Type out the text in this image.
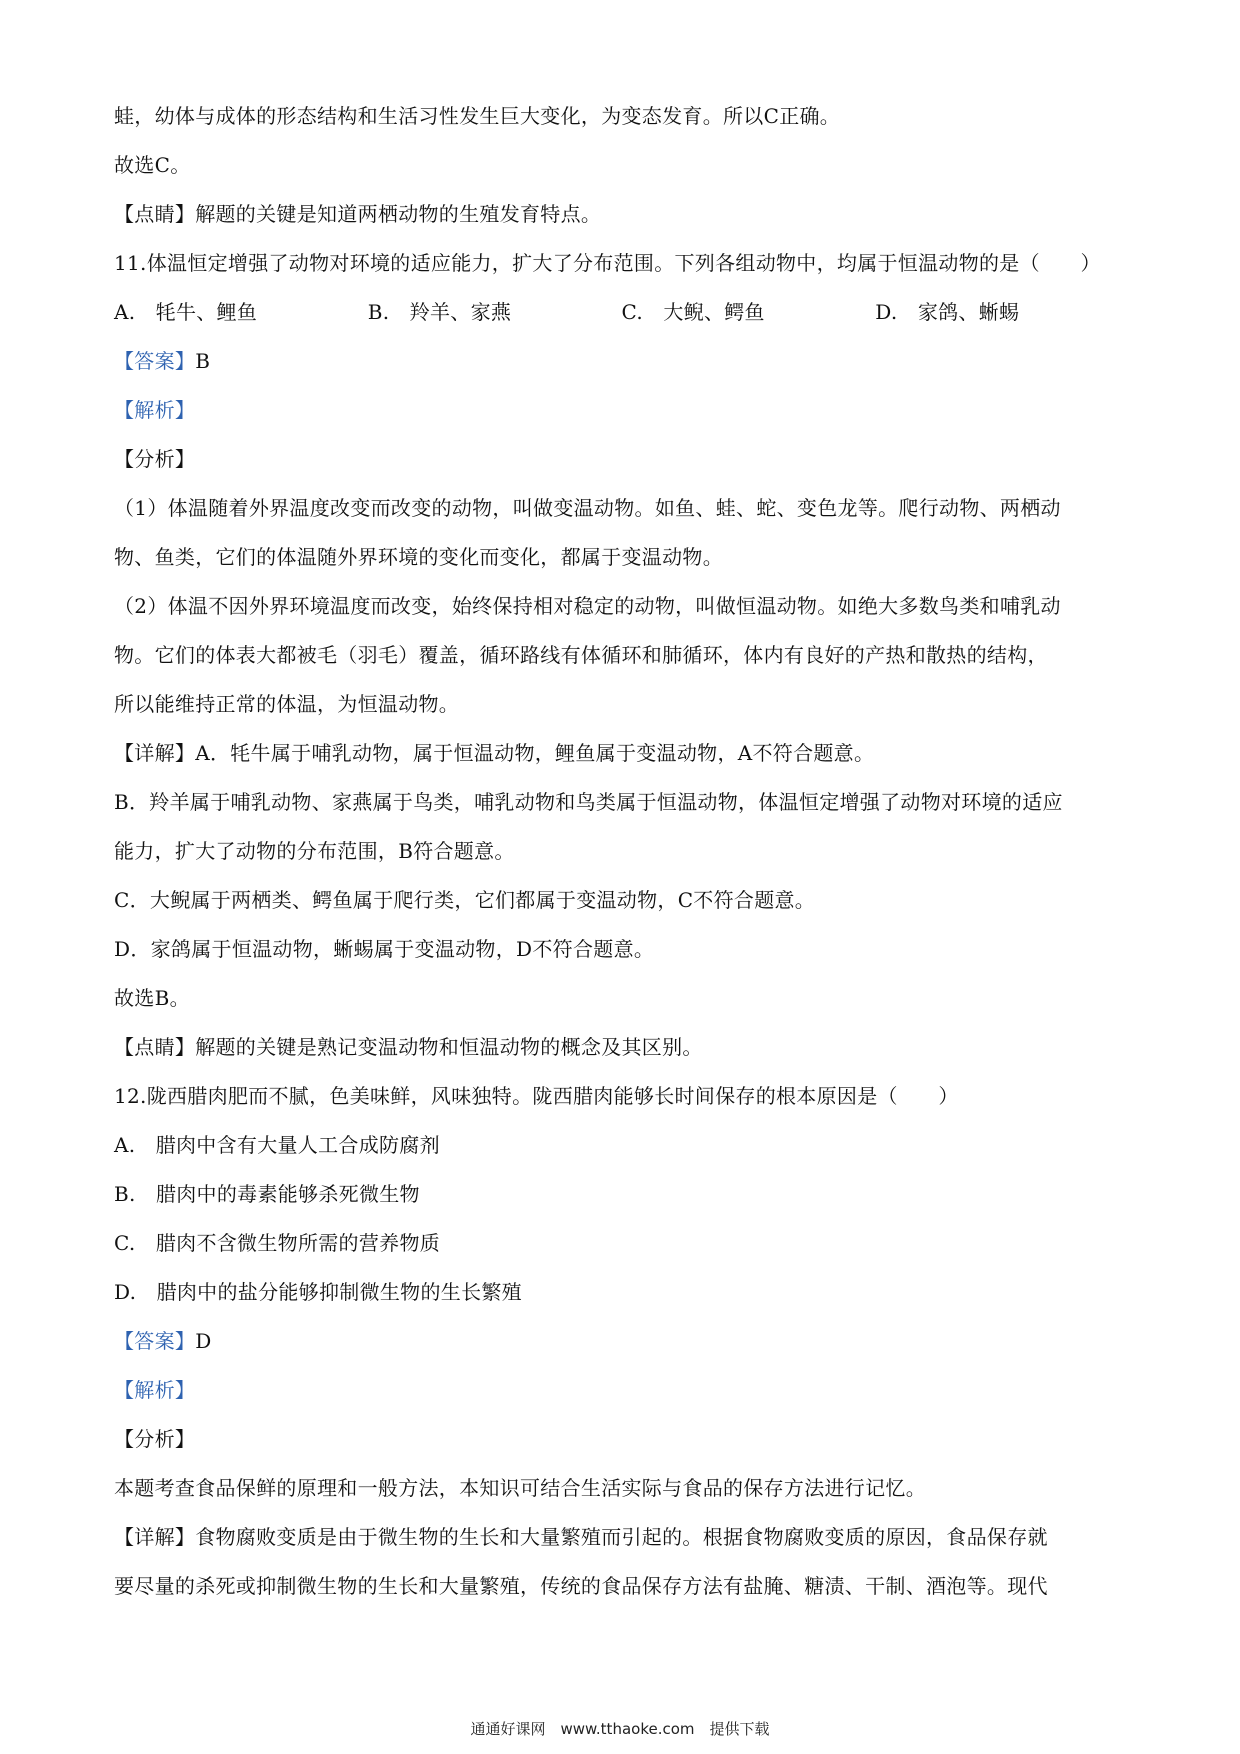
蛙，幼体与成体的形态结构和生活习性发生巨大变化，为变态发育。所以C正确。
故选C。
【点睛】解题的关键是知道两栖动物的生殖发育特点。
11.体温恒定增强了动物对环境的适应能力，扩大了分布范围。下列各组动物中，均属于恒温动物的是（　　）
A.　牦牛、鲤鱼	B.　羚羊、家燕	C.　大鲵、鳄鱼	D.　家鸽、蜥蜴
【答案】B
【解析】
【分析】
（1）体温随着外界温度改变而改变的动物，叫做变温动物。如鱼、蛙、蛇、变色龙等。爬行动物、两栖动
物、鱼类，它们的体温随外界环境的变化而变化，都属于变温动物。
（2）体温不因外界环境温度而改变，始终保持相对稳定的动物，叫做恒温动物。如绝大多数鸟类和哺乳动
物。它们的体表大都被毛（羽毛）覆盖，循环路线有体循环和肺循环，体内有良好的产热和散热的结构，
所以能维持正常的体温，为恒温动物。
【详解】A．牦牛属于哺乳动物，属于恒温动物，鲤鱼属于变温动物，A不符合题意。
B．羚羊属于哺乳动物、家燕属于鸟类，哺乳动物和鸟类属于恒温动物，体温恒定增强了动物对环境的适应
能力，扩大了动物的分布范围，B符合题意。
C．大鲵属于两栖类、鳄鱼属于爬行类，它们都属于变温动物，C不符合题意。
D．家鸽属于恒温动物，蜥蜴属于变温动物，D不符合题意。
故选B。
【点睛】解题的关键是熟记变温动物和恒温动物的概念及其区别。
12.陇西腊肉肥而不腻，色美味鲜，风味独特。陇西腊肉能够长时间保存的根本原因是（　　）
A.　腊肉中含有大量人工合成防腐剂
B.　腊肉中的毒素能够杀死微生物
C.　腊肉不含微生物所需的营养物质
D.　腊肉中的盐分能够抑制微生物的生长繁殖
【答案】D
【解析】
【分析】
本题考查食品保鲜的原理和一般方法，本知识可结合生活实际与食品的保存方法进行记忆。
【详解】食物腐败变质是由于微生物的生长和大量繁殖而引起的。根据食物腐败变质的原因，食品保存就
要尽量的杀死或抑制微生物的生长和大量繁殖，传统的食品保存方法有盐腌、糖渍、干制、酒泡等。现代
通通好课网　www.tthaoke.com　提供下载
